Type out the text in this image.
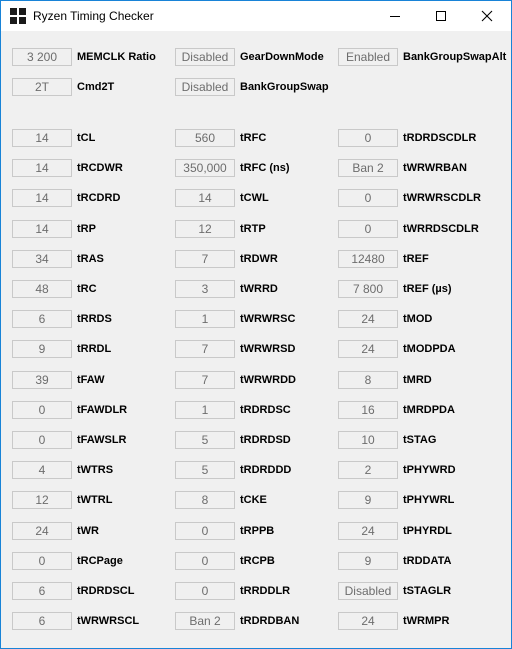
Ryzen Timing Checker
3 200	MEMCLK Ratio	Disabled	GearDownMode	Enabled	BankGroupSwapAlt
2T	Cmd2T	Disabled	BankGroupSwap
14	tCL	560	tRFC	0	tRDRDSCDLR
14	tRCDWR	350,000	tRFC (ns)	Ban 2	tWRWRBAN
14	tRCDRD	14	tCWL	0	tWRWRSCDLR
14	tRP	12	tRTP	0	tWRRDSCDLR
34	tRAS	7	tRDWR	12480	tREF
48	tRC	3	tWRRD	7 800	tREF (µs)
6	tRRDS	1	tWRWRSC	24	tMOD
9	tRRDL	7	tWRWRSD	24	tMODPDA
39	tFAW	7	tWRWRDD	8	tMRD
0	tFAWDLR	1	tRDRDSC	16	tMRDPDA
0	tFAWSLR	5	tRDRDSD	10	tSTAG
4	tWTRS	5	tRDRDDD	2	tPHYWRD
12	tWTRL	8	tCKE	9	tPHYWRL
24	tWR	0	tRPPB	24	tPHYRDL
0	tRCPage	0	tRCPB	9	tRDDATA
6	tRDRDSCL	0	tRRDDLR	Disabled	tSTAGLR
6	tWRWRSCL	Ban 2	tRDRDBAN	24	tWRMPR
